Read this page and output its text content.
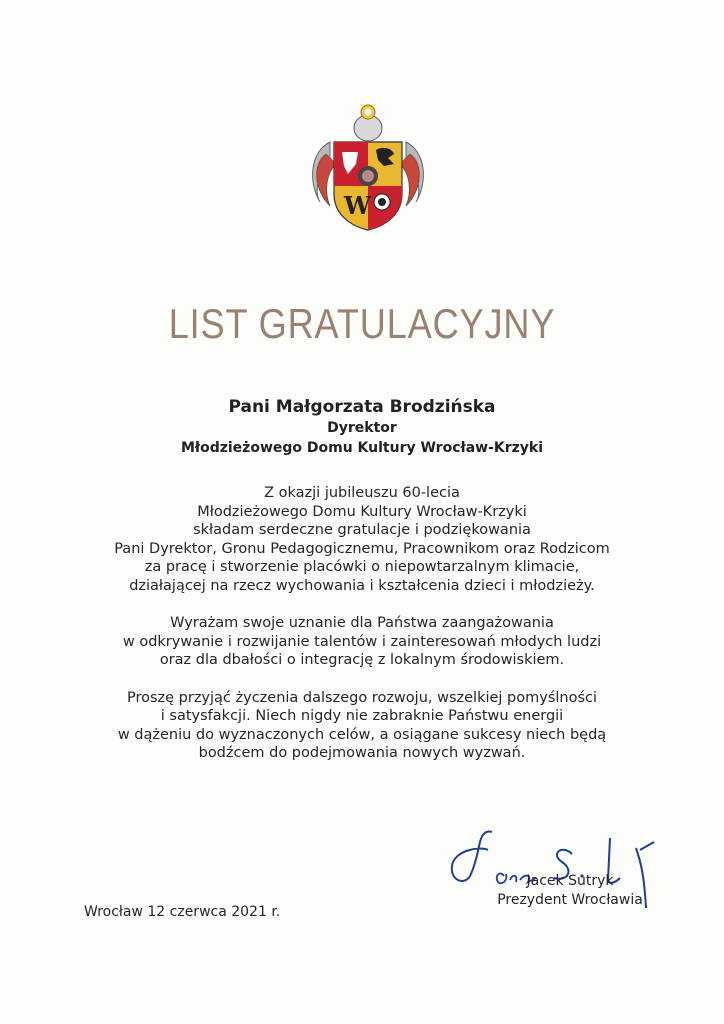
W
LIST GRATULACYJNY
Pani Małgorzata Brodzińska
Dyrektor
Młodzieżowego Domu Kultury Wrocław-Krzyki

Z okazji jubileuszu 60-lecia
Młodzieżowego Domu Kultury Wrocław-Krzyki
składam serdeczne gratulacje i podziękowania
Pani Dyrektor, Gronu Pedagogicznemu, Pracownikom oraz Rodzicom
za pracę i stworzenie placówki o niepowtarzalnym klimacie,
działającej na rzecz wychowania i kształcenia dzieci i młodzieży.

Wyrażam swoje uznanie dla Państwa zaangażowania
w odkrywanie i rozwijanie talentów i zainteresowań młodych ludzi
oraz dla dbałości o integrację z lokalnym środowiskiem.

Proszę przyjąć życzenia dalszego rozwoju, wszelkiej pomyślności
i satysfakcji. Niech nigdy nie zabraknie Państwu energii
w dążeniu do wyznaczonych celów, a osiągane sukcesy niech będą
bodźcem do podejmowania nowych wyzwań.

Jacek Sutryk
Prezydent Wrocławia
Wrocław 12 czerwca 2021 r.
